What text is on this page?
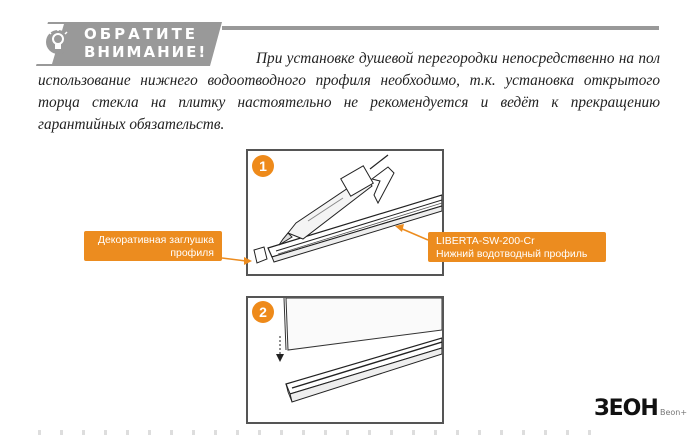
ОБРАТИТЕ
ВНИМАНИЕ!	При установке душевой перегородки непосредственно на пол использование нижнего водоотводного профиля необходимо, т.к. установка открытого торца стекла на плитку настоятельно не рекомендуется и ведёт к прекращению гарантийных обязательств.
1
2
Декоративная заглушка
профиля
LIBERTA-SW-200-Cr
Нижний водотводный профиль
ЗEOH Beon+
